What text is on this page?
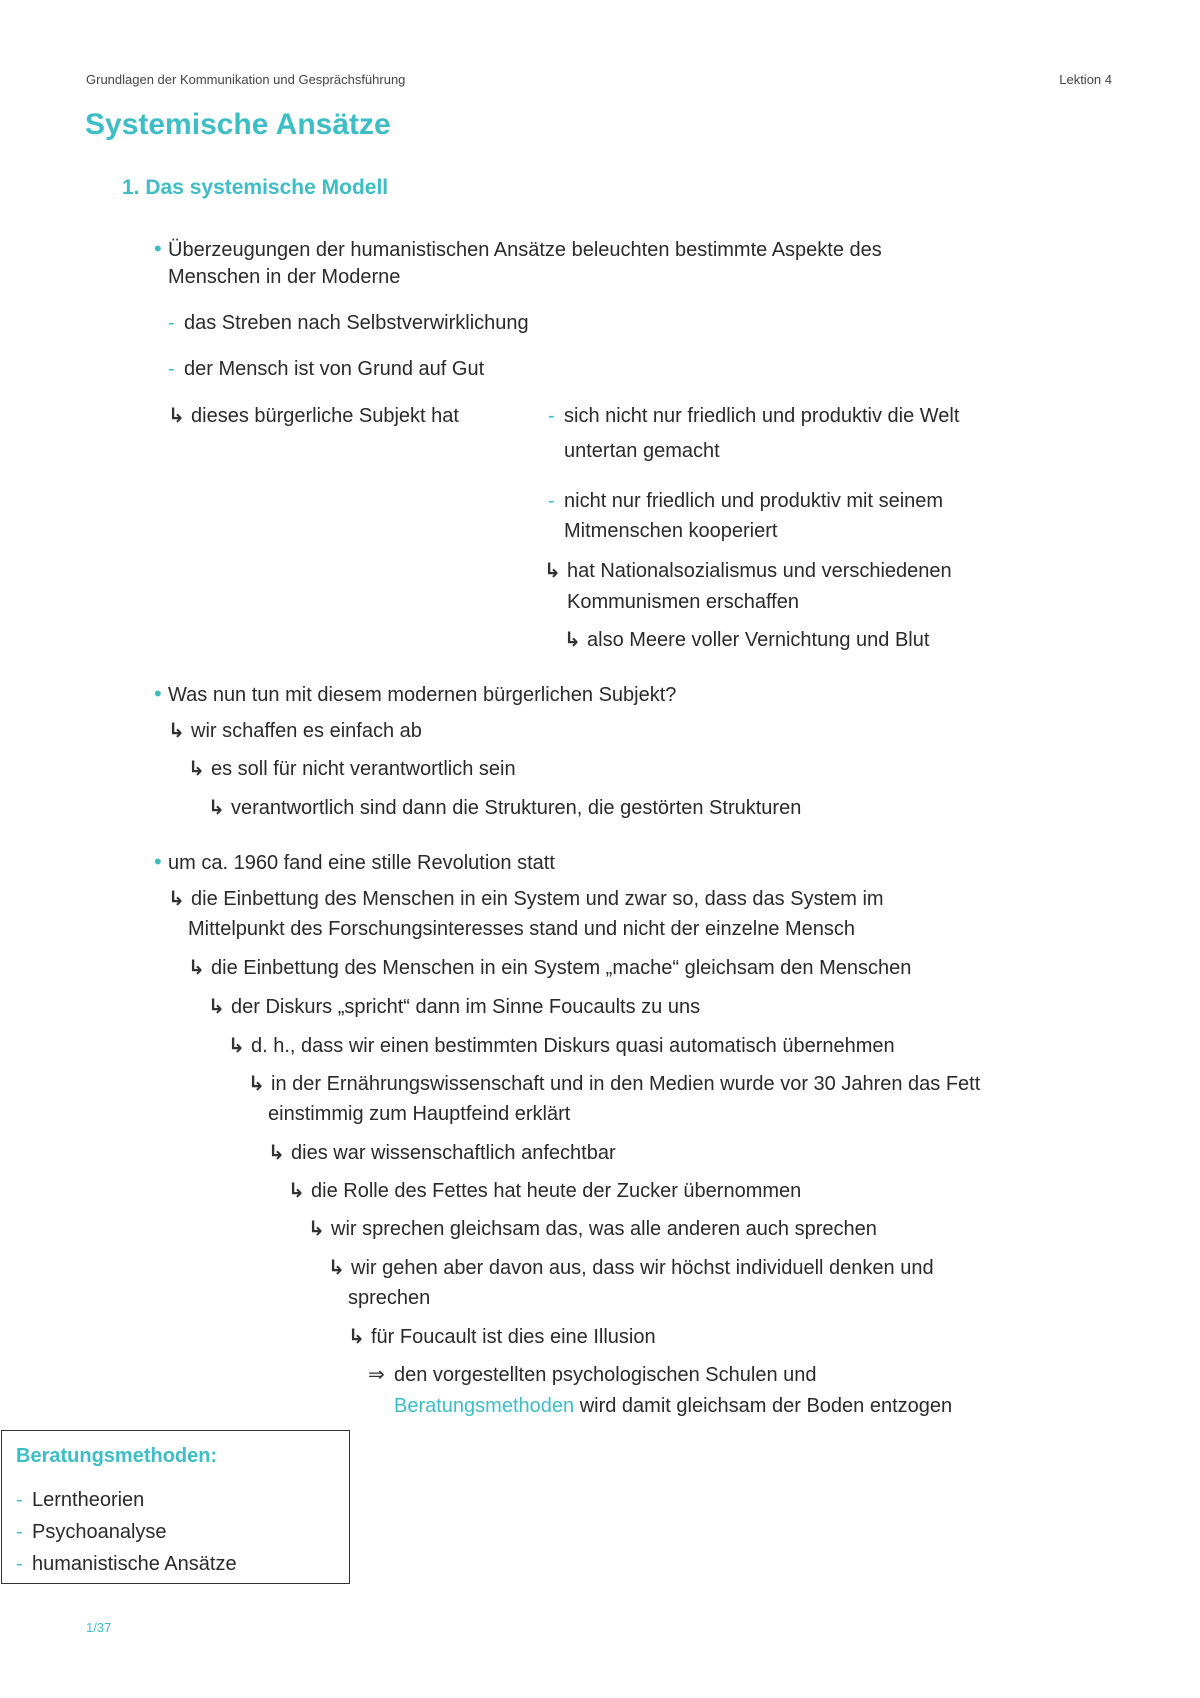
Grundlagen der Kommunikation und Gesprächsführung	Lektion 4
Systemische Ansätze
1. Das systemische Modell
• Überzeugungen der humanistischen Ansätze beleuchten bestimmte Aspekte des
Menschen in der Moderne
- das Streben nach Selbstverwirklichung
- der Mensch ist von Grund auf Gut
↳ dieses bürgerliche Subjekt hat	- sich nicht nur friedlich und produktiv die Welt
untertan gemacht
- nicht nur friedlich und produktiv mit seinem
Mitmenschen kooperiert
↳ hat Nationalsozialismus und verschiedenen
Kommunismen erschaffen
↳ also Meere voller Vernichtung und Blut
• Was nun tun mit diesem modernen bürgerlichen Subjekt?
↳ wir schaffen es einfach ab
↳ es soll für nicht verantwortlich sein
↳ verantwortlich sind dann die Strukturen, die gestörten Strukturen
• um ca. 1960 fand eine stille Revolution statt
↳ die Einbettung des Menschen in ein System und zwar so, dass das System im
Mittelpunkt des Forschungsinteresses stand und nicht der einzelne Mensch
↳ die Einbettung des Menschen in ein System „mache“ gleichsam den Menschen
↳ der Diskurs „spricht“ dann im Sinne Foucaults zu uns
↳ d. h., dass wir einen bestimmten Diskurs quasi automatisch übernehmen
↳ in der Ernährungswissenschaft und in den Medien wurde vor 30 Jahren das Fett
einstimmig zum Hauptfeind erklärt
↳ dies war wissenschaftlich anfechtbar
↳ die Rolle des Fettes hat heute der Zucker übernommen
↳ wir sprechen gleichsam das, was alle anderen auch sprechen
↳ wir gehen aber davon aus, dass wir höchst individuell denken und
sprechen
↳ für Foucault ist dies eine Illusion
⇒ den vorgestellten psychologischen Schulen und
Beratungsmethoden wird damit gleichsam der Boden entzogen
Beratungsmethoden:
- Lerntheorien
- Psychoanalyse
- humanistische Ansätze
1/37
